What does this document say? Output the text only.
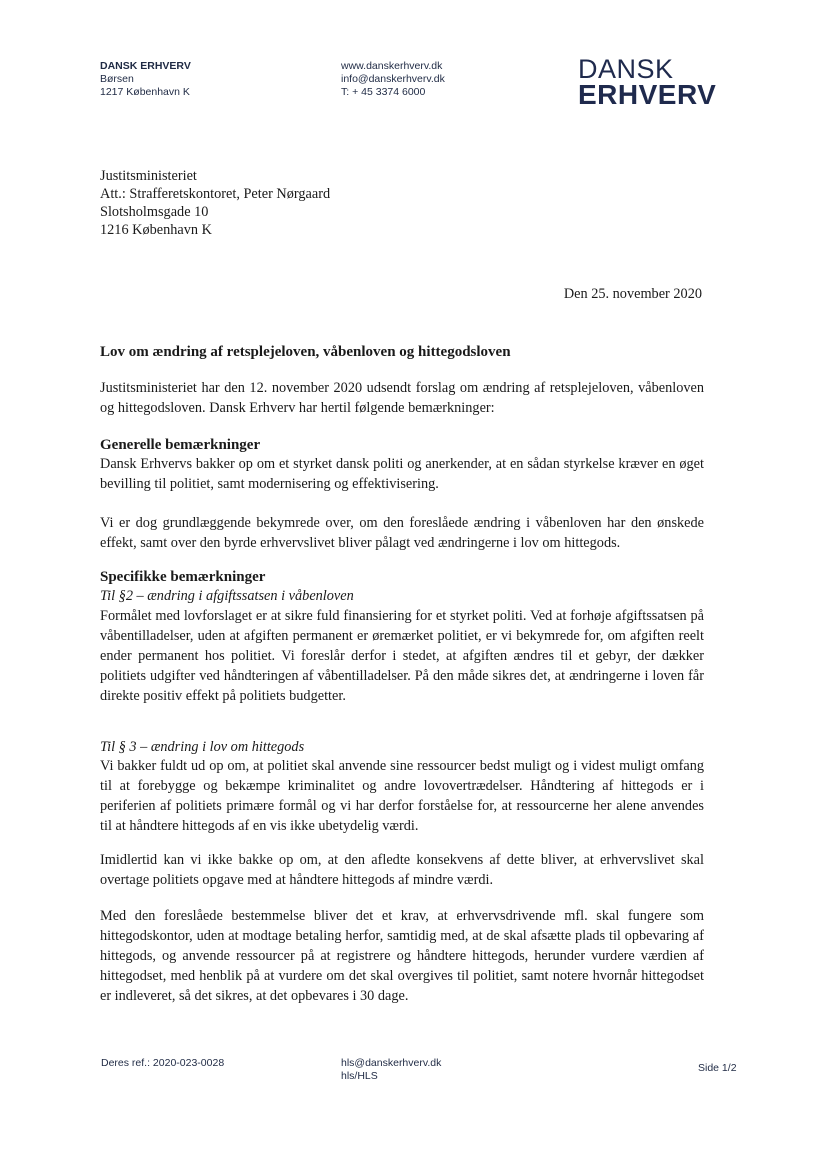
DANSK ERHVERV
Børsen
1217 København K
www.danskerhverv.dk
info@danskerhverv.dk
T: + 45 3374 6000
DANSK
ERHVERV
Justitsministeriet
Att.: Strafferetskontoret, Peter Nørgaard
Slotsholmsgade 10
1216 København K
Den 25. november 2020
Lov om ændring af retsplejeloven, våbenloven og hittegodsloven
Justitsministeriet har den 12. november 2020 udsendt forslag om ændring af retsplejeloven, våbenloven og hittegodsloven. Dansk Erhverv har hertil følgende bemærkninger:
Generelle bemærkninger
Dansk Erhvervs bakker op om et styrket dansk politi og anerkender, at en sådan styrkelse kræver en øget bevilling til politiet, samt modernisering og effektivisering.
Vi er dog grundlæggende bekymrede over, om den foreslåede ændring i våbenloven har den ønskede effekt, samt over den byrde erhvervslivet bliver pålagt ved ændringerne i lov om hittegods.
Specifikke bemærkninger
Til §2 – ændring i afgiftssatsen i våbenloven
Formålet med lovforslaget er at sikre fuld finansiering for et styrket politi. Ved at forhøje afgiftssatsen på våbentilladelser, uden at afgiften permanent er øremærket politiet, er vi bekymrede for, om afgiften reelt ender permanent hos politiet. Vi foreslår derfor i stedet, at afgiften ændres til et gebyr, der dækker politiets udgifter ved håndteringen af våbentilladelser. På den måde sikres det, at ændringerne i loven får direkte positiv effekt på politiets budgetter.
Til § 3 – ændring i lov om hittegods
Vi bakker fuldt ud op om, at politiet skal anvende sine ressourcer bedst muligt og i videst muligt omfang til at forebygge og bekæmpe kriminalitet og andre lovovertrædelser. Håndtering af hittegods er i periferien af politiets primære formål og vi har derfor forståelse for, at ressourcerne her alene anvendes til at håndtere hittegods af en vis ikke ubetydelig værdi.
Imidlertid kan vi ikke bakke op om, at den afledte konsekvens af dette bliver, at erhvervslivet skal overtage politiets opgave med at håndtere hittegods af mindre værdi.
Med den foreslåede bestemmelse bliver det et krav, at erhvervsdrivende mfl. skal fungere som hittegodskontor, uden at modtage betaling herfor, samtidig med, at de skal afsætte plads til opbevaring af hittegods, og anvende ressourcer på at registrere og håndtere hittegods, herunder vurdere værdien af hittegodset, med henblik på at vurdere om det skal overgives til politiet, samt notere hvornår hittegodset er indleveret, så det sikres, at det opbevares i 30 dage.
Deres ref.: 2020-023-0028	hls@danskerhverv.dk
hls/HLS
Side 1/2
